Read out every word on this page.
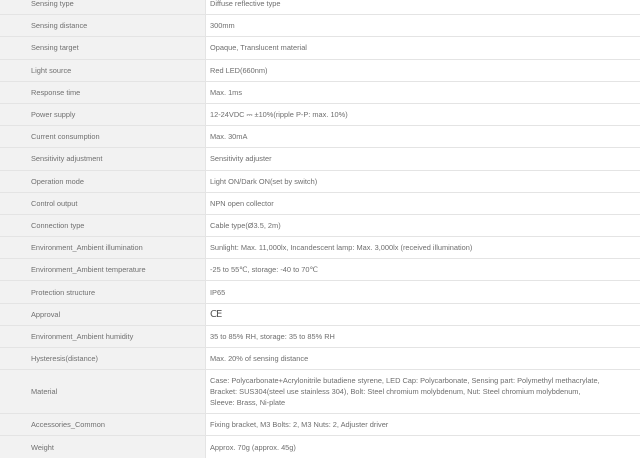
Sensing type	Diffuse reflective type
Sensing distance	300mm
Sensing target	Opaque, Translucent material
Light source	Red LED(660nm)
Response time	Max. 1ms
Power supply	12-24VDC ⎓ ±10%(ripple P-P: max. 10%)
Current consumption	Max. 30mA
Sensitivity adjustment	Sensitivity adjuster
Operation mode	Light ON/Dark ON(set by switch)
Control output	NPN open collector
Connection type	Cable type(Ø3.5, 2m)
Environment_Ambient illumination	Sunlight: Max. 11,000lx, Incandescent lamp: Max. 3,000lx (received illumination)
Environment_Ambient temperature	-25 to 55℃, storage: -40 to 70℃
Protection structure	IP65
Approval	CE
Environment_Ambient humidity	35 to 85% RH, storage: 35 to 85% RH
Hysteresis(distance)	Max. 20% of sensing distance
Material	Case: Polycarbonate+Acrylonitrile butadiene styrene, LED Cap: Polycarbonate, Sensing part: Polymethyl methacrylate,
Bracket: SUS304(steel use stainless 304), Bolt: Steel chromium molybdenum, Nut: Steel chromium molybdenum,
Sleeve: Brass, Ni-plate

Accessories_Common	Fixing bracket, M3 Bolts: 2, M3 Nuts: 2, Adjuster driver
Weight	Approx. 70g (approx. 45g)
